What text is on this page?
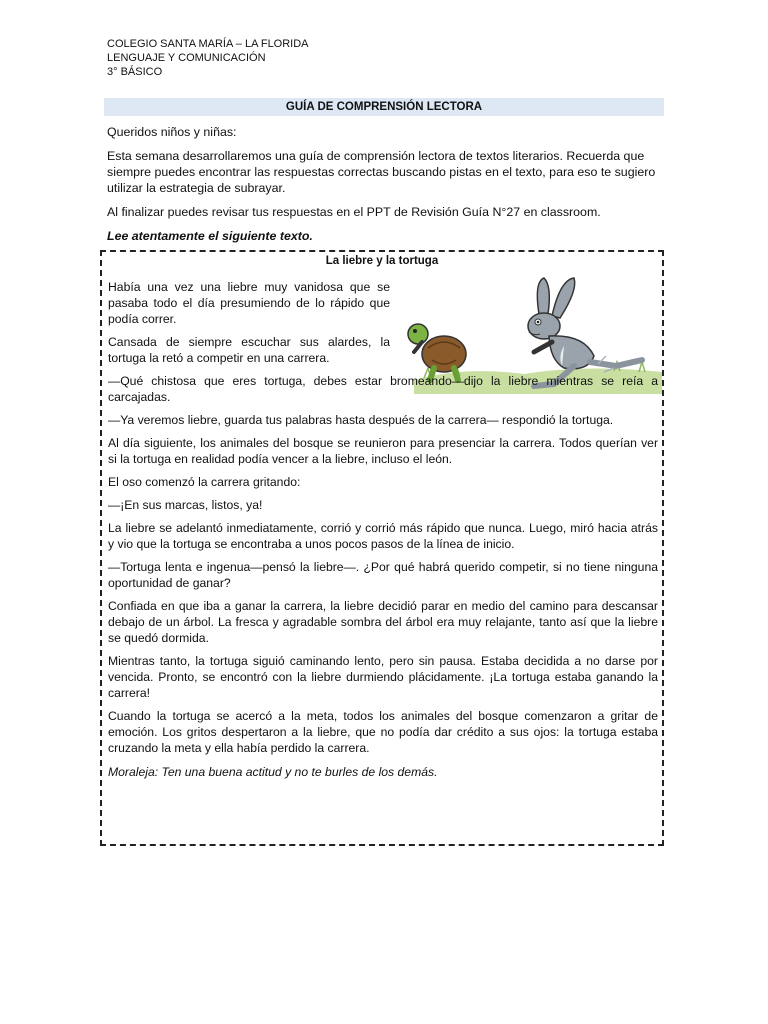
COLEGIO SANTA MARÍA – LA FLORIDA
LENGUAJE Y COMUNICACIÓN
3° BÁSICO
GUÍA DE COMPRENSIÓN LECTORA

Queridos niños y niñas:

Esta semana desarrollaremos una guía de comprensión lectora de textos literarios. Recuerda que siempre puedes encontrar las respuestas correctas buscando pistas en el texto, para eso te sugiero utilizar la estrategia de subrayar.

Al finalizar puedes revisar tus respuestas en el PPT de Revisión Guía N°27 en classroom.

Lee atentamente el siguiente texto.

La liebre y la tortuga

Había una vez una liebre muy vanidosa que se pasaba todo el día presumiendo de lo rápido que podía correr.

Cansada de siempre escuchar sus alardes, la tortuga la retó a competir en una carrera.

—Qué chistosa que eres tortuga, debes estar bromeando—dijo la liebre mientras se reía a carcajadas.

—Ya veremos liebre, guarda tus palabras hasta después de la carrera— respondió la tortuga.

Al día siguiente, los animales del bosque se reunieron para presenciar la carrera. Todos querían ver si la tortuga en realidad podía vencer a la liebre, incluso el león.

El oso comenzó la carrera gritando:

—¡En sus marcas, listos, ya!

La liebre se adelantó inmediatamente, corrió y corrió más rápido que nunca. Luego, miró hacia atrás y vio que la tortuga se encontraba a unos pocos pasos de la línea de inicio.

—Tortuga lenta e ingenua—pensó la liebre—. ¿Por qué habrá querido competir, si no tiene ninguna oportunidad de ganar?

Confiada en que iba a ganar la carrera, la liebre decidió parar en medio del camino para descansar debajo de un árbol. La fresca y agradable sombra del árbol era muy relajante, tanto así que la liebre se quedó dormida.

Mientras tanto, la tortuga siguió caminando lento, pero sin pausa. Estaba decidida a no darse por vencida. Pronto, se encontró con la liebre durmiendo plácidamente. ¡La tortuga estaba ganando la carrera!

Cuando la tortuga se acercó a la meta, todos los animales del bosque comenzaron a gritar de emoción. Los gritos despertaron a la liebre, que no podía dar crédito a sus ojos: la tortuga estaba cruzando la meta y ella había perdido la carrera.

Moraleja: Ten una buena actitud y no te burles de los demás.
